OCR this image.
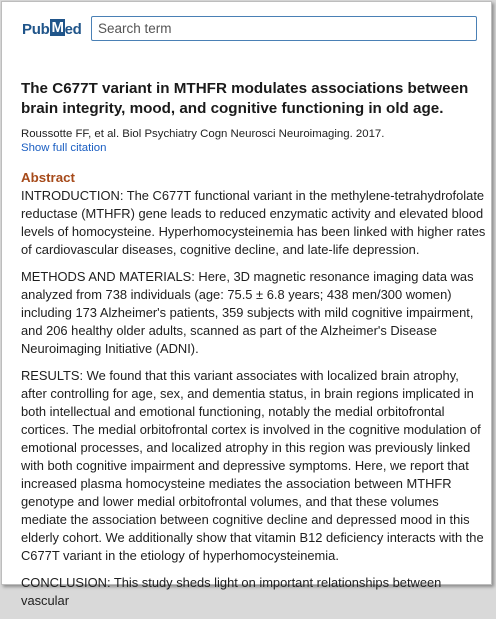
Pub M ed
Search term
The C677T variant in MTHFR modulates associations between brain integrity, mood, and cognitive functioning in old age.
Roussotte FF, et al. Biol Psychiatry Cogn Neurosci Neuroimaging. 2017.
Show full citation
Abstract

INTRODUCTION: The C677T functional variant in the methylene-tetrahydrofolate reductase (MTHFR) gene leads to reduced enzymatic activity and elevated blood levels of homocysteine. Hyperhomocysteinemia has been linked with higher rates of cardiovascular diseases, cognitive decline, and late-life depression.

METHODS AND MATERIALS: Here, 3D magnetic resonance imaging data was analyzed from 738 individuals (age: 75.5 ± 6.8 years; 438 men/300 women) including 173 Alzheimer's patients, 359 subjects with mild cognitive impairment, and 206 healthy older adults, scanned as part of the Alzheimer's Disease Neuroimaging Initiative (ADNI).

RESULTS: We found that this variant associates with localized brain atrophy, after controlling for age, sex, and dementia status, in brain regions implicated in both intellectual and emotional functioning, notably the medial orbitofrontal cortices. The medial orbitofrontal cortex is involved in the cognitive modulation of emotional processes, and localized atrophy in this region was previously linked with both cognitive impairment and depressive symptoms. Here, we report that increased plasma homocysteine mediates the association between MTHFR genotype and lower medial orbitofrontal volumes, and that these volumes mediate the association between cognitive decline and depressed mood in this elderly cohort. We additionally show that vitamin B12 deficiency interacts with the C677T variant in the etiology of hyperhomocysteinemia.

CONCLUSION: This study sheds light on important relationships between vascular
